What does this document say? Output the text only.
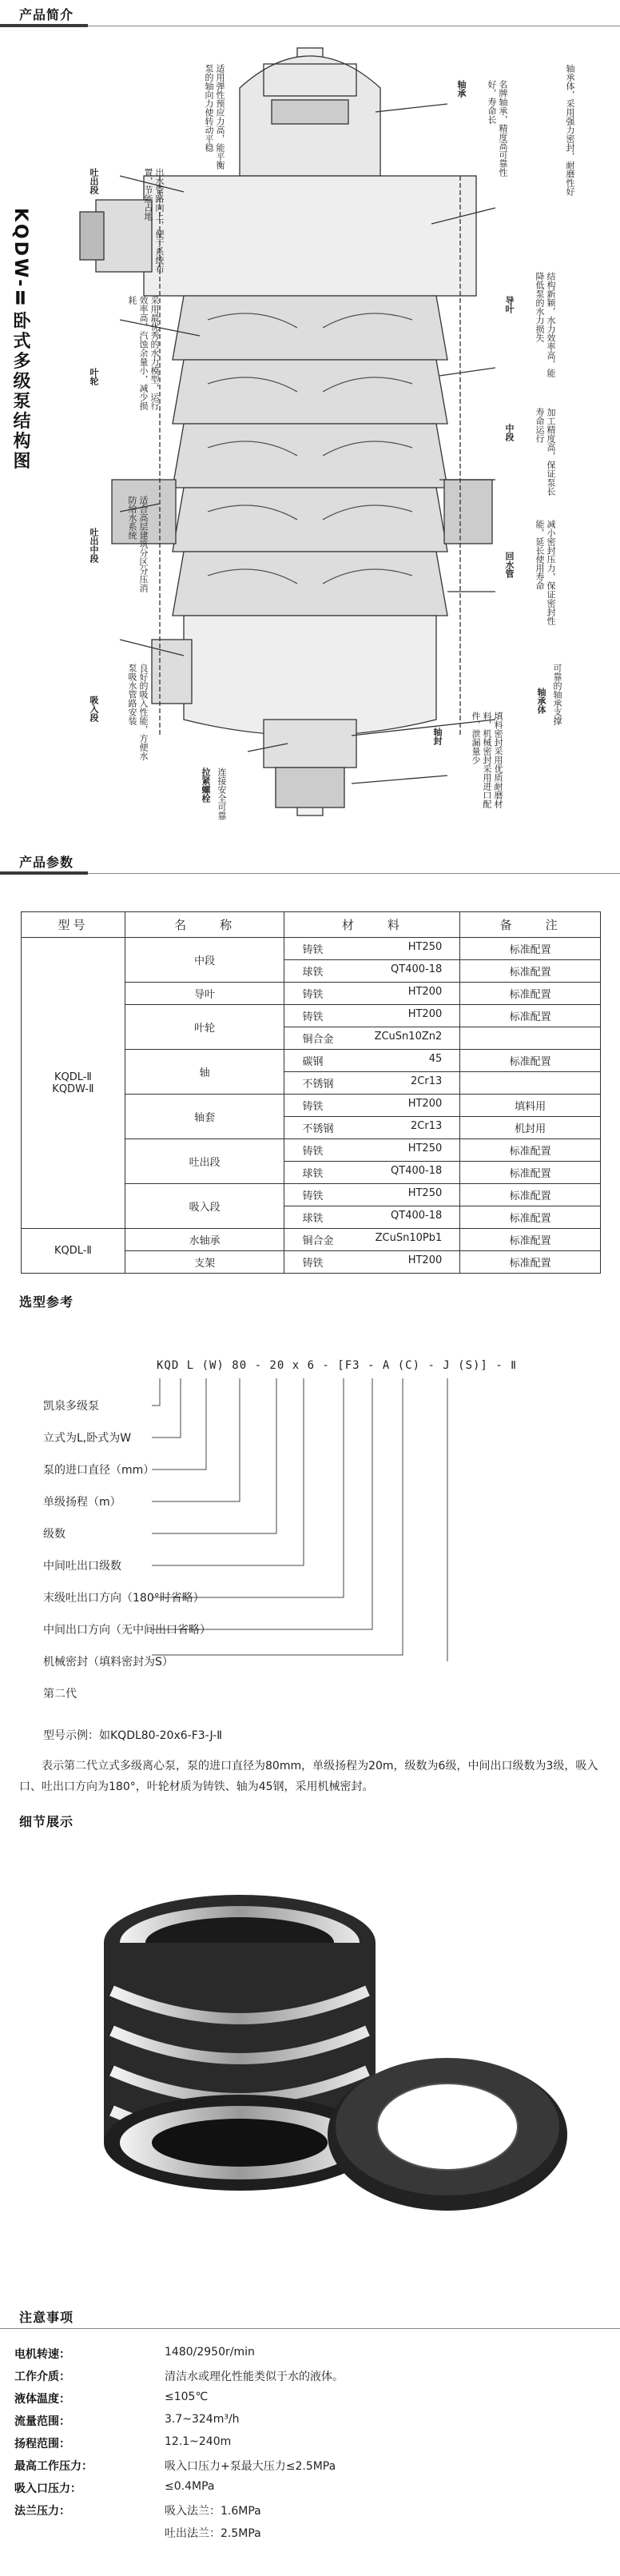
产品简介
KQDW-Ⅱ卧式多级泵结构图
吐出段	出水管路向上，便于系统布置，节能占地
叶轮	采用最优秀的水力模型，运行效率高，汽蚀余量小，减少损耗
吐出中段	适合高层建筑分区分压消防给水系统
吸入段	良好的吸入性能，方便水泵吸水管路安装
拉紧螺栓 连接安全可靠
适用弹性预应力高，能平衡泵的轴向力使转动平稳	轴承	名牌轴承，精度高可靠性好，寿命长	轴承体，采用强力密封，耐磨性好
导叶	结构新颖，水力效率高，能降低泵的水力损失
中段	加工精度高，保证泵长寿命运行
回水管	减小密封压力，保证密封性能，延长使用寿命
轴承体 可靠的轴承支撑
轴封	填料密封采用优质耐磨材料，机械密封采用进口配件，泄漏量少
产品参数
型号	名　　称	材　　料	备　　注
KQDL-Ⅱ
KQDW-Ⅱ	中段	铸铁 HT250	标准配置

		球铁 QT400-18	标准配置
	导叶	铸铁 HT200	标准配置
	叶轮	铸铁 HT200	标准配置

		铜合金 ZCuSn10Zn2	

	轴	碳钢 45	标准配置

		不锈钢 2Cr13	

	轴套	铸铁 HT200	填料用

		不锈钢 2Cr13	机封用
	吐出段	铸铁 HT250	标准配置

		球铁 QT400-18	标准配置
	吸入段	铸铁 HT250	标准配置

		球铁 QT400-18	标准配置
KQDL-Ⅱ	水轴承	铜合金 ZCuSn10Pb1	标准配置
	支架	铸铁 HT200	标准配置
选型参考
KQD L (W) 80 - 20 x 6 - [F3 - A (C) - J (S)] - Ⅱ
凯泉多级泵
立式为L,卧式为W
泵的进口直径（mm）
单级扬程（m）
级数
中间吐出口级数
末级吐出口方向（180°时省略）
中间出口方向（无中间出口省略）
机械密封（填料密封为S）
第二代
型号示例：如KQDL80-20x6-F3-J-Ⅱ
表示第二代立式多级离心泵，泵的进口直径为80mm，单级扬程为20m，级数为6级，中间出口级数为3级，吸入口、吐出口方向为180°，叶轮材质为铸铁、轴为45钢，采用机械密封。
细节展示
注意事项
电机转速：	1480/2950r/min
工作介质：	清洁水或理化性能类似于水的液体。
液体温度：	≤105℃
流量范围：	3.7~324m³/h
扬程范围：	12.1~240m
最高工作压力：	吸入口压力+泵最大压力≤2.5MPa
吸入口压力：	≤0.4MPa
法兰压力：	吸入法兰：1.6MPa
吐出法兰：2.5MPa
